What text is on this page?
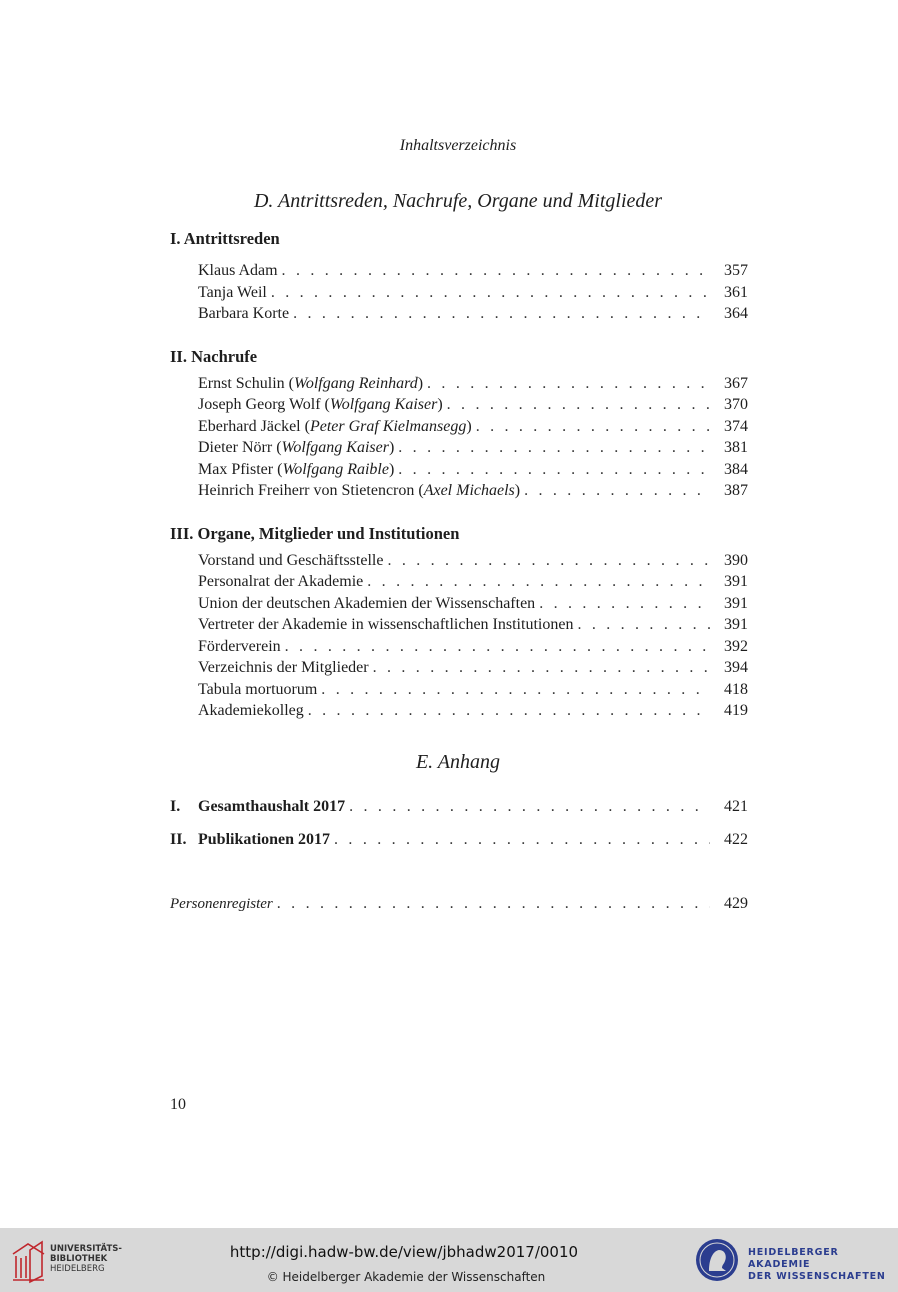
Inhaltsverzeichnis
D. Antrittsreden, Nachrufe, Organe und Mitglieder
I. Antrittsreden
Klaus Adam . . .	357
Tanja Weil . . .	361
Barbara Korte . . .	364
II. Nachrufe
Ernst Schulin (Wolfgang Reinhard) . . .	367
Joseph Georg Wolf (Wolfgang Kaiser) . . .	370
Eberhard Jäckel (Peter Graf Kielmansegg) . . .	374
Dieter Nörr (Wolfgang Kaiser) . . .	381
Max Pfister (Wolfgang Raible) . . .	384
Heinrich Freiherr von Stietencron (Axel Michaels) . . .	387
III. Organe, Mitglieder und Institutionen
Vorstand und Geschäftsstelle . . .	390
Personalrat der Akademie . . .	391
Union der deutschen Akademien der Wissenschaften . . .	391
Vertreter der Akademie in wissenschaftlichen Institutionen . . .	391
Förderverein . . .	392
Verzeichnis der Mitglieder . . .	394
Tabula mortuorum . . .	418
Akademiekolleg . . .	419
E. Anhang
I. Gesamthaushalt 2017 . . .	421
II. Publikationen 2017 . . .	422
Personenregister . . .	429
10
UNIVERSITÄTS-
BIBLIOTHEK
HEIDELBERG
http://digi.hadw-bw.de/view/jbhadw2017/0010
© Heidelberger Akademie der Wissenschaften
HEIDELBERGER AKADEMIE
DER WISSENSCHAFTEN
